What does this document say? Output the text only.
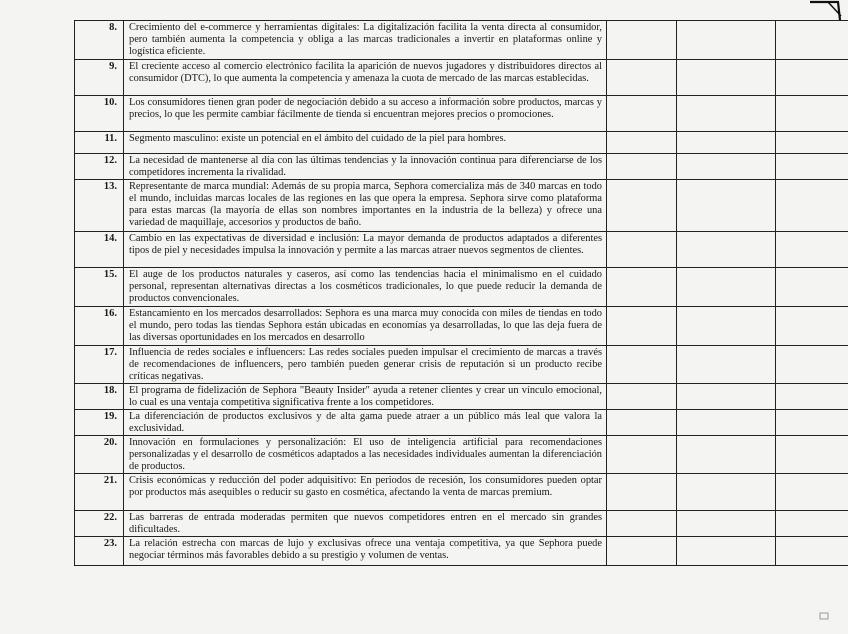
8.	Crecimiento del e-commerce y herramientas digitales: La digitalización facilita la venta directa al consumidor, pero también aumenta la competencia y obliga a las marcas tradicionales a invertir en plataformas online y logística eficiente.			
9.	El creciente acceso al comercio electrónico facilita la aparición de nuevos jugadores y distribuidores directos al consumidor (DTC), lo que aumenta la competencia y amenaza la cuota de mercado de las marcas establecidas.			
10.	Los consumidores tienen gran poder de negociación debido a su acceso a información sobre productos, marcas y precios, lo que les permite cambiar fácilmente de tienda si encuentran mejores precios o promociones.			
11.	Segmento masculino: existe un potencial en el ámbito del cuidado de la piel para hombres.			
12.	La necesidad de mantenerse al día con las últimas tendencias y la innovación continua para diferenciarse de los competidores incrementa la rivalidad.			
13.	Representante de marca mundial: Además de su propia marca, Sephora comercializa más de 340 marcas en todo el mundo, incluidas marcas locales de las regiones en las que opera la empresa. Sephora sirve como plataforma para estas marcas (la mayoría de ellas son nombres importantes en la industria de la belleza) y ofrece una variedad de maquillaje, accesorios y productos de baño.			
14.	Cambio en las expectativas de diversidad e inclusión: La mayor demanda de productos adaptados a diferentes tipos de piel y necesidades impulsa la innovación y permite a las marcas atraer nuevos segmentos de clientes.			
15.	El auge de los productos naturales y caseros, así como las tendencias hacia el minimalismo en el cuidado personal, representan alternativas directas a los cosméticos tradicionales, lo que puede reducir la demanda de productos convencionales.			
16.	Estancamiento en los mercados desarrollados: Sephora es una marca muy conocida con miles de tiendas en todo el mundo, pero todas las tiendas Sephora están ubicadas en economías ya desarrolladas, lo que las deja fuera de las diversas oportunidades en los mercados en desarrollo			
17.	Influencia de redes sociales e influencers: Las redes sociales pueden impulsar el crecimiento de marcas a través de recomendaciones de influencers, pero también pueden generar crisis de reputación si un producto recibe críticas negativas.			
18.	El programa de fidelización de Sephora "Beauty Insider" ayuda a retener clientes y crear un vínculo emocional, lo cual es una ventaja competitiva significativa frente a los competidores.			
19.	La diferenciación de productos exclusivos y de alta gama puede atraer a un público más leal que valora la exclusividad.			
20.	Innovación en formulaciones y personalización: El uso de inteligencia artificial para recomendaciones personalizadas y el desarrollo de cosméticos adaptados a las necesidades individuales aumentan la diferenciación de productos.			
21.	Crisis económicas y reducción del poder adquisitivo: En periodos de recesión, los consumidores pueden optar por productos más asequibles o reducir su gasto en cosmética, afectando la venta de marcas premium.			
22.	Las barreras de entrada moderadas permiten que nuevos competidores entren en el mercado sin grandes dificultades.			
23.	La relación estrecha con marcas de lujo y exclusivas ofrece una ventaja competitiva, ya que Sephora puede negociar términos más favorables debido a su prestigio y volumen de ventas.			
